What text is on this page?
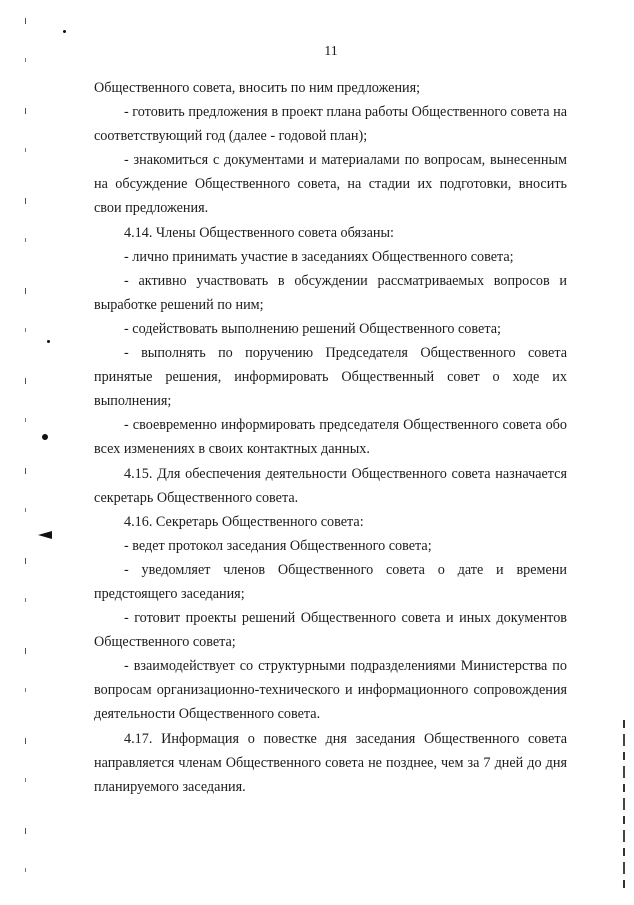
11

Общественного совета, вносить по ним предложения;

- готовить предложения в проект плана работы Общественного совета на соответствующий год (далее - годовой план);

- знакомиться с документами и материалами по вопросам, вынесенным на обсуждение Общественного совета, на стадии их подготовки, вносить свои предложения.

4.14. Члены Общественного совета обязаны:

- лично принимать участие в заседаниях Общественного совета;

- активно участвовать в обсуждении рассматриваемых вопросов и выработке решений по ним;

- содействовать выполнению решений Общественного совета;

- выполнять по поручению Председателя Общественного совета принятые решения, информировать Общественный совет о ходе их выполнения;

- своевременно информировать председателя Общественного совета обо всех изменениях в своих контактных данных.

4.15. Для обеспечения деятельности Общественного совета назначается секретарь Общественного совета.

4.16. Секретарь Общественного совета:

- ведет протокол заседания Общественного совета;

- уведомляет членов Общественного совета о дате и времени предстоящего заседания;

- готовит проекты решений Общественного совета и иных документов Общественного совета;

- взаимодействует со структурными подразделениями Министерства по вопросам организационно-технического и информационного сопровождения деятельности Общественного совета.

4.17. Информация о повестке дня заседания Общественного совета направляется членам Общественного совета не позднее, чем за 7 дней до дня планируемого заседания.
